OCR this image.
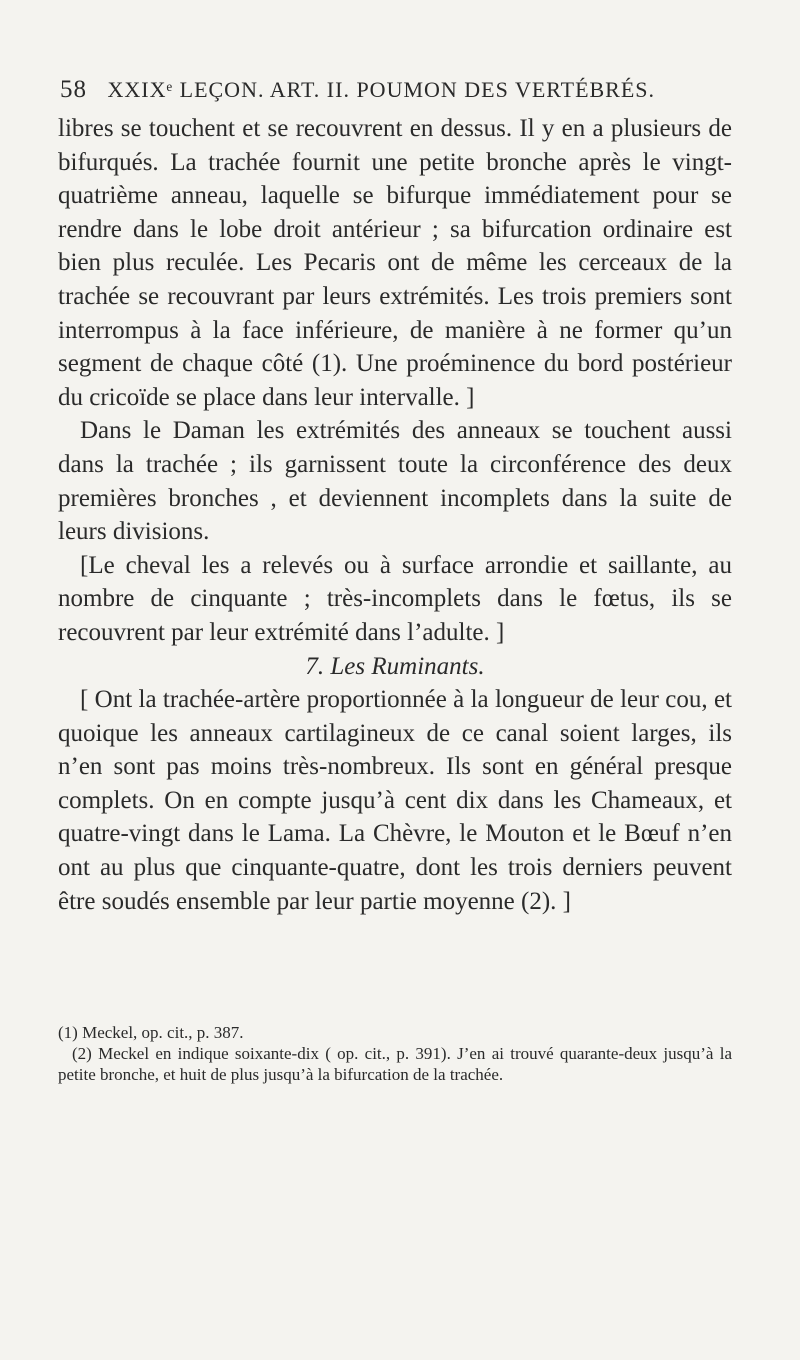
58 XXIXᵉ LEÇON. ART. II. POUMON DES VERTÉBRÉS.

libres se touchent et se recouvrent en dessus. Il y en a plusieurs de bifurqués. La trachée fournit une petite bronche après le vingt-quatrième anneau, laquelle se bifurque immédiatement pour se rendre dans le lobe droit antérieur ; sa bifurcation ordinaire est bien plus reculée. Les Pecaris ont de même les cerceaux de la trachée se recouvrant par leurs extrémités. Les trois premiers sont interrompus à la face inférieure, de manière à ne former qu’un segment de chaque côté (1). Une proéminence du bord postérieur du cricoïde se place dans leur intervalle. ]

Dans le Daman les extrémités des anneaux se touchent aussi dans la trachée ; ils garnissent toute la circonférence des deux premières bronches , et deviennent incomplets dans la suite de leurs divisions.

[Le cheval les a relevés ou à surface arrondie et saillante, au nombre de cinquante ; très-incomplets dans le fœtus, ils se recouvrent par leur extrémité dans l’adulte. ]

7. Les Ruminants.

[ Ont la trachée-artère proportionnée à la longueur de leur cou, et quoique les anneaux cartilagineux de ce canal soient larges, ils n’en sont pas moins très-nombreux. Ils sont en général presque complets. On en compte jusqu’à cent dix dans les Chameaux, et quatre-vingt dans le Lama. La Chèvre, le Mouton et le Bœuf n’en ont au plus que cinquante-quatre, dont les trois derniers peuvent être soudés ensemble par leur partie moyenne (2). ]

(1) Meckel, op. cit., p. 387.

(2) Meckel en indique soixante-dix ( op. cit., p. 391). J’en ai trouvé quarante-deux jusqu’à la petite bronche, et huit de plus jusqu’à la bifurcation de la trachée.
